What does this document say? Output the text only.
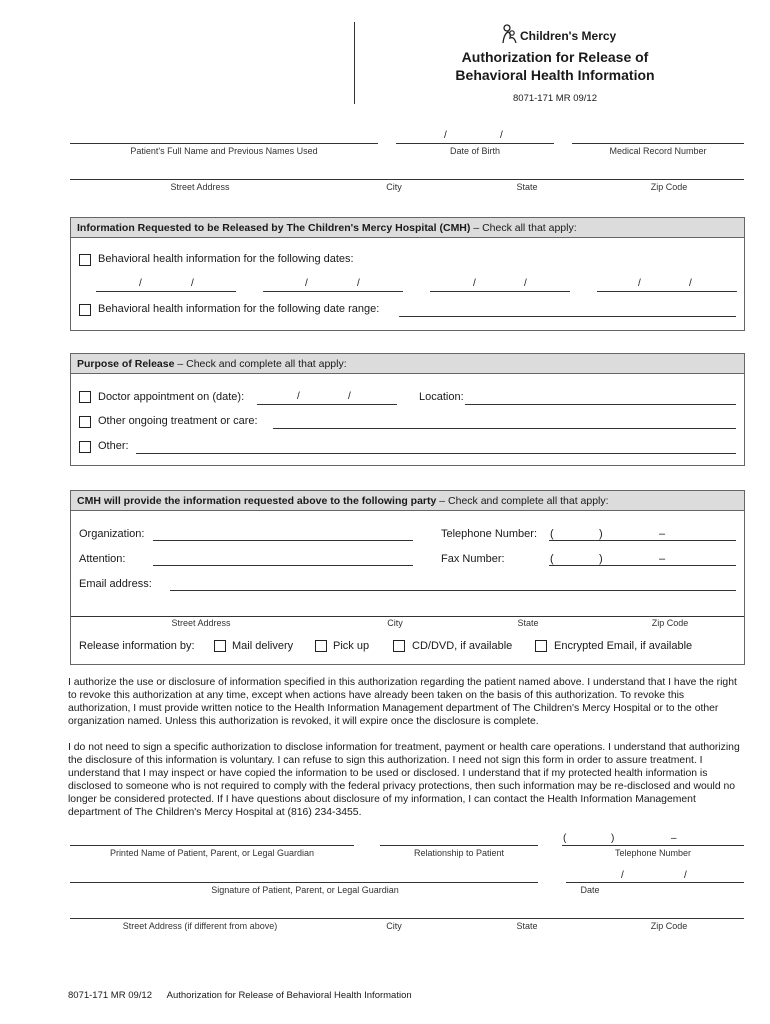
Children's Mercy
Authorization for Release of
Behavioral Health Information
8071-171 MR 09/12
/	/
Patient's Full Name and Previous Names Used	Date of Birth	Medical Record Number
Street Address	City	State	Zip Code
Information Requested to be Released by The Children's Mercy Hospital (CMH) – Check all that apply:
Behavioral health information for the following dates:
/	/	/	/	/	/	/	/
Behavioral health information for the following date range:
Purpose of Release – Check and complete all that apply:
Doctor appointment on (date):	/	/	Location:
Other ongoing treatment or care:
Other:
CMH will provide the information requested above to the following party – Check and complete all that apply:
Organization:	Telephone Number: (	)	–
Attention:	Fax Number:	(	)	–
Email address:
Street Address	City	State	Zip Code
Release information by:	Mail delivery	Pick up	CD/DVD, if available	Encrypted Email, if available

I authorize the use or disclosure of information specified in this authorization regarding the patient named above. I understand that I have the right to revoke this authorization at any time, except when actions have already been taken on the basis of this authorization. To revoke this authorization, I must provide written notice to the Health Information Management department of The Children's Mercy Hospital or to the other organization named. Unless this authorization is revoked, it will expire once the disclosure is complete.

I do not need to sign a specific authorization to disclose information for treatment, payment or health care operations. I understand that authorizing the disclosure of this information is voluntary. I can refuse to sign this authorization. I need not sign this form in order to assure treatment. I understand that I may inspect or have copied the information to be used or disclosed. I understand that if my protected health information is disclosed to someone who is not required to comply with the federal privacy protections, then such information may be re-disclosed and would no longer be considered protected. If I have questions about disclosure of my information, I can contact the Health Information Management department of The Children's Mercy Hospital at (816) 234-3455.

(	)	–
Printed Name of Patient, Parent, or Legal Guardian	Relationship to Patient	Telephone Number
/	/
Signature of Patient, Parent, or Legal Guardian	Date
Street Address (if different from above)	City	State	Zip Code
8071-171 MR 09/12 Authorization for Release of Behavioral Health Information
